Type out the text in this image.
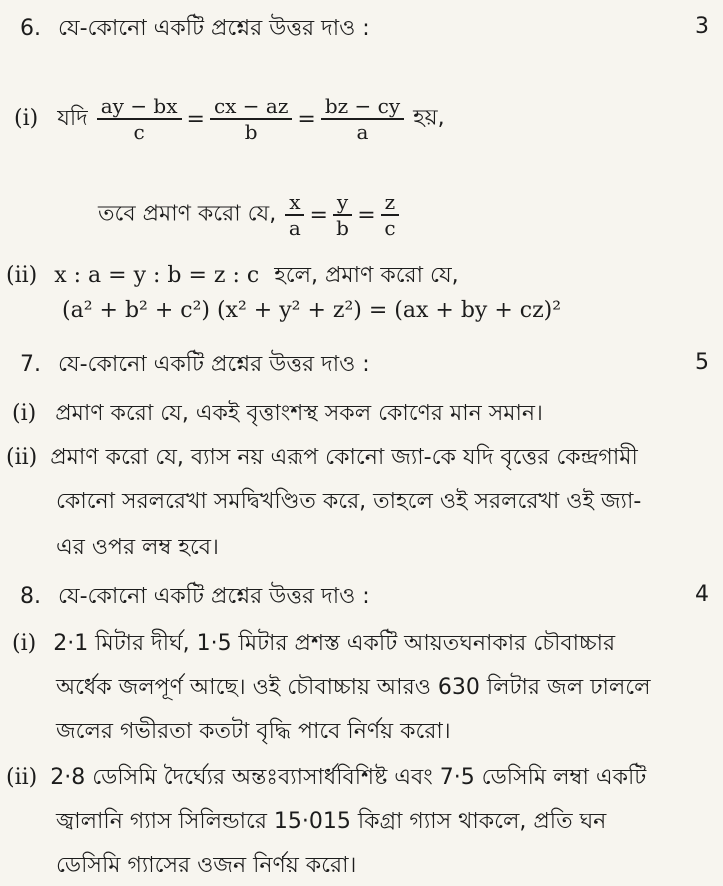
6. যে-কোনো একটি প্রশ্নের উত্তর দাও :	3
(i) যদি $\frac{ay - bx}{c} = \frac{cx - az}{b} = \frac{bz - cy}{a}$ হয়,
তবে প্রমাণ করো যে, $\frac{x}{a} = \frac{y}{b} = \frac{z}{c}$
(ii) x : a = y : b = z : c হলে, প্রমাণ করো যে,
(a² + b² + c²) (x² + y² + z²) = (ax + by + cz)²
7. যে-কোনো একটি প্রশ্নের উত্তর দাও :	5
(i) প্রমাণ করো যে, একই বৃত্তাংশস্থ সকল কোণের মান সমান।
(ii) প্রমাণ করো যে, ব্যাস নয় এরূপ কোনো জ্যা-কে যদি বৃত্তের কেন্দ্রগামী
কোনো সরলরেখা সমদ্বিখণ্ডিত করে, তাহলে ওই সরলরেখা ওই জ্যা-
এর ওপর লম্ব হবে।
8. যে-কোনো একটি প্রশ্নের উত্তর দাও :	4
(i) 2·1 মিটার দীর্ঘ, 1·5 মিটার প্রশস্ত একটি আয়তঘনাকার চৌবাচ্চার
অর্ধেক জলপূর্ণ আছে। ওই চৌবাচ্চায় আরও 630 লিটার জল ঢাললে
জলের গভীরতা কতটা বৃদ্ধি পাবে নির্ণয় করো।
(ii) 2·8 ডেসিমি দৈর্ঘ্যের অন্তঃব্যাসার্ধবিশিষ্ট এবং 7·5 ডেসিমি লম্বা একটি
জ্বালানি গ্যাস সিলিন্ডারে 15·015 কিগ্রা গ্যাস থাকলে, প্রতি ঘন
ডেসিমি গ্যাসের ওজন নির্ণয় করো।
